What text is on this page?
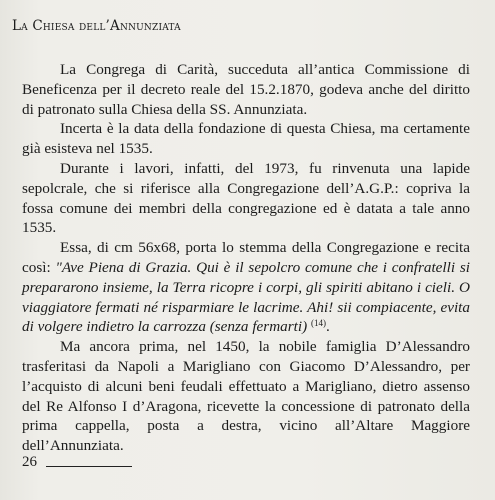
La Chiesa dell’Annunziata

La Congrega di Carità, succeduta all’antica Commissione di Beneficenza per il decreto reale del 15.2.1870, godeva anche del diritto di patronato sulla Chiesa della SS. Annunziata.

Incerta è la data della fondazione di questa Chiesa, ma certamente già esisteva nel 1535.

Durante i lavori, infatti, del 1973, fu rinvenuta una lapide sepolcrale, che si riferisce alla Congregazione dell’A.G.P.: copriva la fossa comune dei membri della congregazione ed è datata a tale anno 1535.

Essa, di cm 56x68, porta lo stemma della Congregazione e recita così: "Ave Piena di Grazia. Qui è il sepolcro comune che i confratelli si prepararono insieme, la Terra ricopre i corpi, gli spiriti abitano i cieli. O viaggiatore fermati né risparmiare le lacrime. Ahi! sii compiacente, evita di volgere indietro la carrozza (senza fermarti) $^{(14)}$.

Ma ancora prima, nel 1450, la nobile famiglia D’Alessandro trasferitasi da Napoli a Marigliano con Giacomo D’Alessandro, per l’acquisto di alcuni beni feudali effettuato a Marigliano, dietro assenso del Re Alfonso I d’Aragona, ricevette la concessione di patronato della prima cappella, posta a destra, vicino all’Altare Maggiore dell’Annunziata.

26
